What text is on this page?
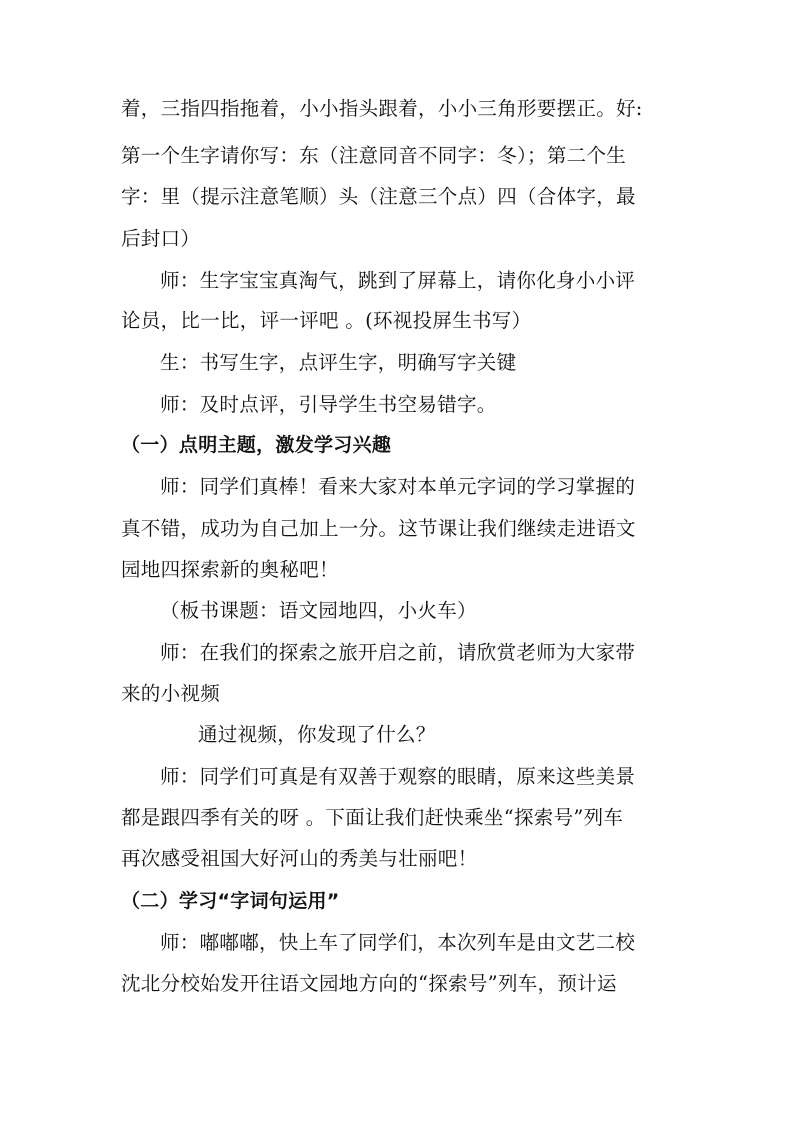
着，三指四指拖着，小小指头跟着，小小三角形要摆正。好:
第一个生字请你写：东（注意同音不同字：冬）；第二个生
字：里（提示注意笔顺）头（注意三个点）四（合体字，最
后封口）
师：生字宝宝真淘气，跳到了屏幕上，请你化身小小评
论员，比一比，评一评吧 。(环视投屏生书写）
生：书写生字，点评生字，明确写字关键
师：及时点评，引导学生书空易错字。
（一）点明主题，激发学习兴趣
师：同学们真棒！看来大家对本单元字词的学习掌握的
真不错，成功为自己加上一分。这节课让我们继续走进语文
园地四探索新的奥秘吧！
（板书课题：语文园地四，小火车）
师：在我们的探索之旅开启之前，请欣赏老师为大家带
来的小视频
通过视频，你发现了什么？
师：同学们可真是有双善于观察的眼睛，原来这些美景
都是跟四季有关的呀 。下面让我们赶快乘坐“探索号”列车
再次感受祖国大好河山的秀美与壮丽吧！
（二）学习“字词句运用”
师：嘟嘟嘟，快上车了同学们，本次列车是由文艺二校
沈北分校始发开往语文园地方向的“探索号”列车，预计运
